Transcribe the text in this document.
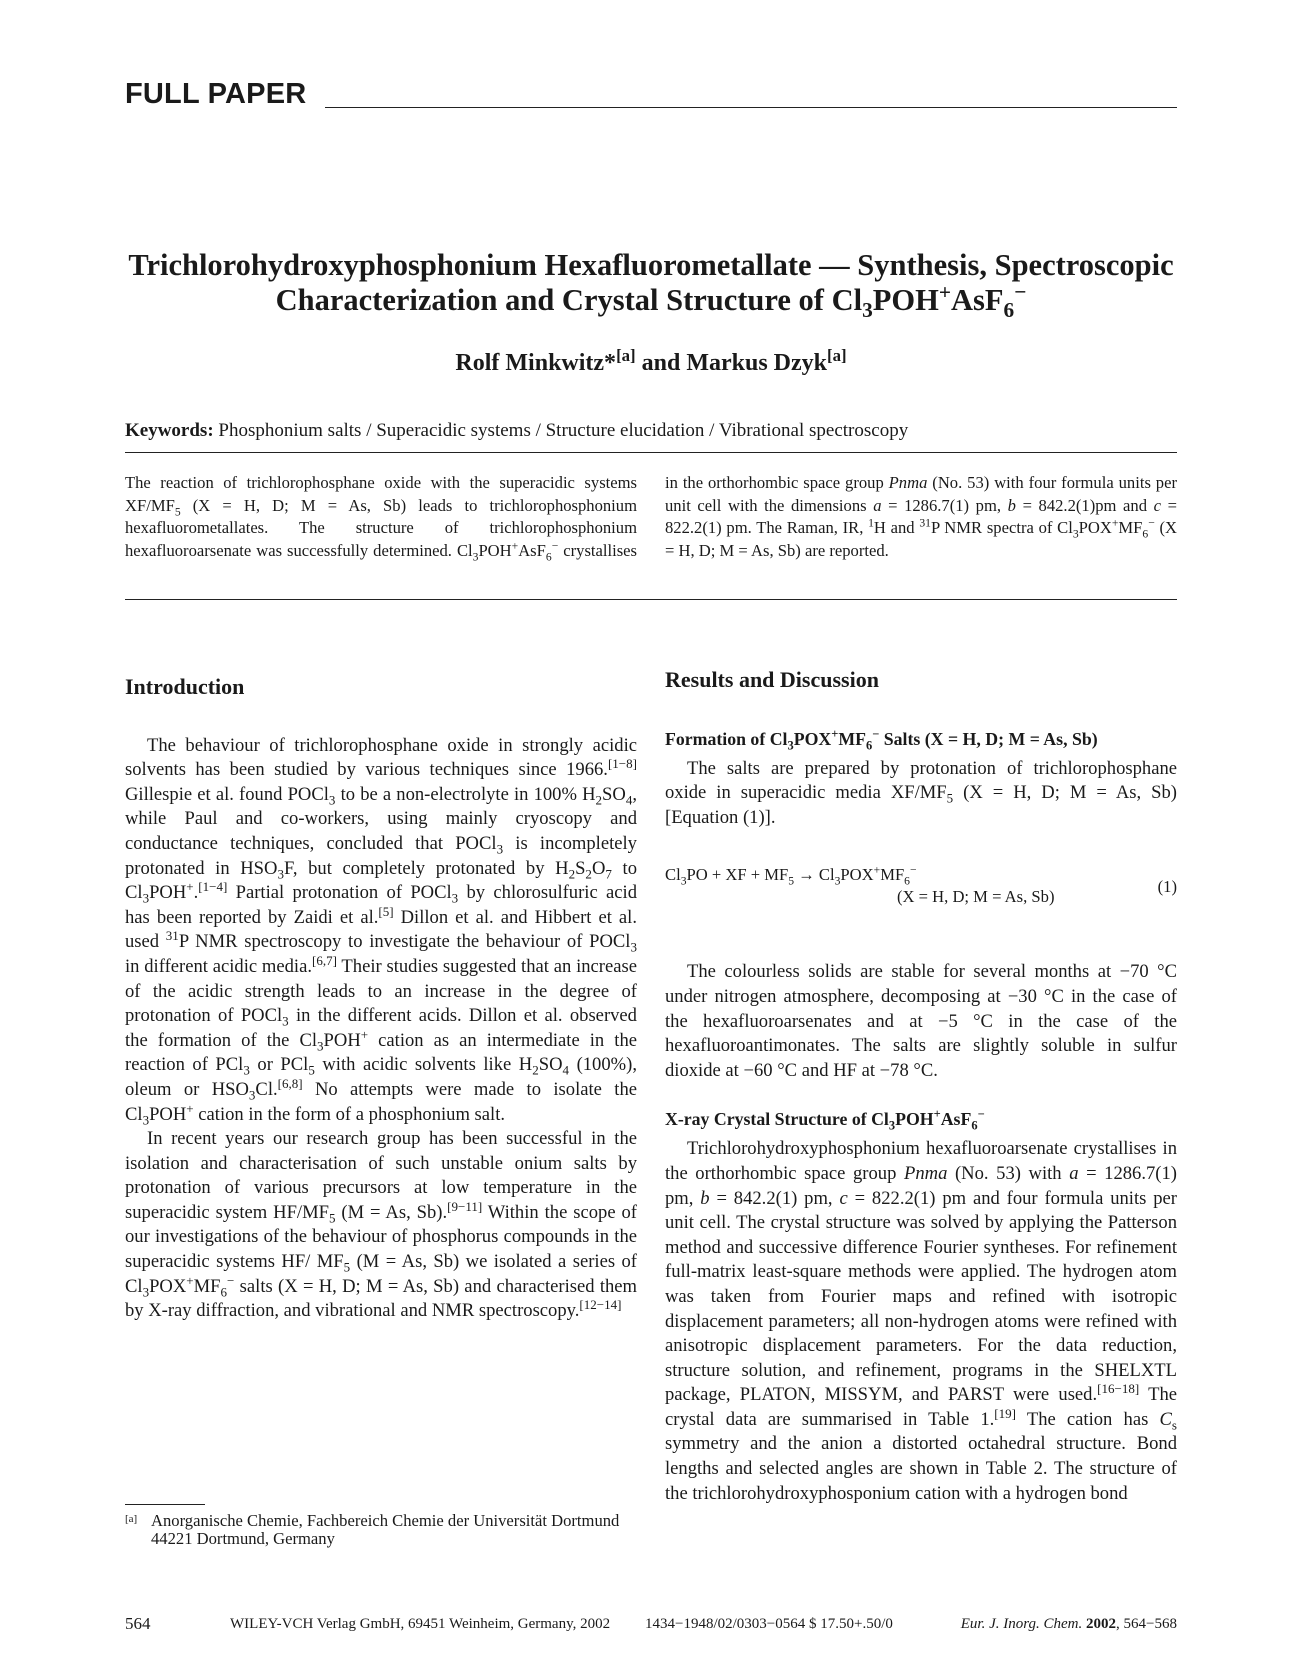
FULL PAPER
Trichlorohydroxyphosphonium Hexafluorometallate — Synthesis, Spectroscopic
Characterization and Crystal Structure of $Cl_3POH^+AsF_6^-$
Rolf Minkwitz*[a] and Markus Dzyk[a]
Keywords: Phosphonium salts / Superacidic systems / Structure elucidation / Vibrational spectroscopy
The reaction of trichlorophosphane oxide with the superacidic systems $XF/MF_5$ (X = H, D; M = As, Sb) leads to trichlorophosphonium hexafluorometallates. The structure of trichlorophosphonium hexafluoroarsenate was successfully determined. $Cl_3POH^+AsF_6^-$ crystallises in the orthorhombic space group Pnma (No. 53) with four formula units per unit cell with the dimensions a = 1286.7(1) pm, b = 842.2(1)pm and c = 822.2(1) pm. The Raman, IR, $^1$H and $^{31}$P NMR spectra of $Cl_3POX^+MF_6^-$ (X = H, D; M = As, Sb) are reported.
Introduction

The behaviour of trichlorophosphane oxide in strongly acidic solvents has been studied by various techniques since 1966.[1−8] Gillespie et al. found POCl$_3$ to be a non-electrolyte in 100% $H_2SO_4$, while Paul and co-workers, using mainly cryoscopy and conductance techniques, concluded that POCl$_3$ is incompletely protonated in $HSO_3F$, but completely protonated by $H_2S_2O_7$ to $Cl_3POH^+.[1-4]$ Partial protonation of POCl$_3$ by chlorosulfuric acid has been reported by Zaidi et al.[5] Dillon et al. and Hibbert et al. used $^{31}$P NMR spectroscopy to investigate the behaviour of POCl$_3$ in different acidic media.[6,7] Their studies suggested that an increase of the acidic strength leads to an increase in the degree of protonation of POCl$_3$ in the different acids. Dillon et al. observed the formation of the $Cl_3POH^+$ cation as an intermediate in the reaction of PCl$_3$ or PCl$_5$ with acidic solvents like $H_2SO_4$ (100%), oleum or $HSO_3Cl.[6,8]$ No attempts were made to isolate the $Cl_3POH^+$ cation in the form of a phosphonium salt.

In recent years our research group has been successful in the isolation and characterisation of such unstable onium salts by protonation of various precursors at low temperature in the superacidic system $HF/MF_5$ (M = As, Sb).[9−11] Within the scope of our investigations of the behaviour of phosphorus compounds in the superacidic systems HF/ $MF_5$ (M = As, Sb) we isolated a series of $Cl_3POX^+MF_6^-$ salts (X = H, D; M = As, Sb) and characterised them by X-ray diffraction, and vibrational and NMR spectroscopy.[12−14]

Results and Discussion
Formation of $Cl_3POX^+MF_6^-$ Salts (X = H, D; M = As, Sb)

The salts are prepared by protonation of trichlorophosphane oxide in superacidic media $XF/MF_5$ (X = H, D; M = As, Sb) [Equation (1)].

$Cl_3PO$ + XF + $MF_5 \to Cl_3POX^+MF_6^-$
(X = H, D; M = As, Sb)
(1)

The colourless solids are stable for several months at −70 °C under nitrogen atmosphere, decomposing at −30 °C in the case of the hexafluoroarsenates and at −5 °C in the case of the hexafluoroantimonates. The salts are slightly soluble in sulfur dioxide at −60 °C and HF at −78 °C.

X-ray Crystal Structure of $Cl_3POH^+AsF_6^-$

Trichlorohydroxyphosphonium hexafluoroarsenate crystallises in the orthorhombic space group Pnma (No. 53) with a = 1286.7(1) pm, b = 842.2(1) pm, c = 822.2(1) pm and four formula units per unit cell. The crystal structure was solved by applying the Patterson method and successive difference Fourier syntheses. For refinement full-matrix least-square methods were applied. The hydrogen atom was taken from Fourier maps and refined with isotropic displacement parameters; all non-hydrogen atoms were refined with anisotropic displacement parameters. For the data reduction, structure solution, and refinement, programs in the SHELXTL package, PLATON, MISSYM, and PARST were used.[16−18] The crystal data are summarised in Table 1.[19] The cation has $C_s$ symmetry and the anion a distorted octahedral structure. Bond lengths and selected angles are shown in Table 2. The structure of the trichlorohydroxyphosponium cation with a hydrogen bond

[a] Anorganische Chemie, Fachbereich Chemie der Universität Dortmund
44221 Dortmund, Germany
564	WILEY-VCH Verlag GmbH, 69451 Weinheim, Germany, 2002 1434−1948/02/0303−0564 $ 17.50+.50/0	Eur. J. Inorg. Chem. 2002, 564−568
